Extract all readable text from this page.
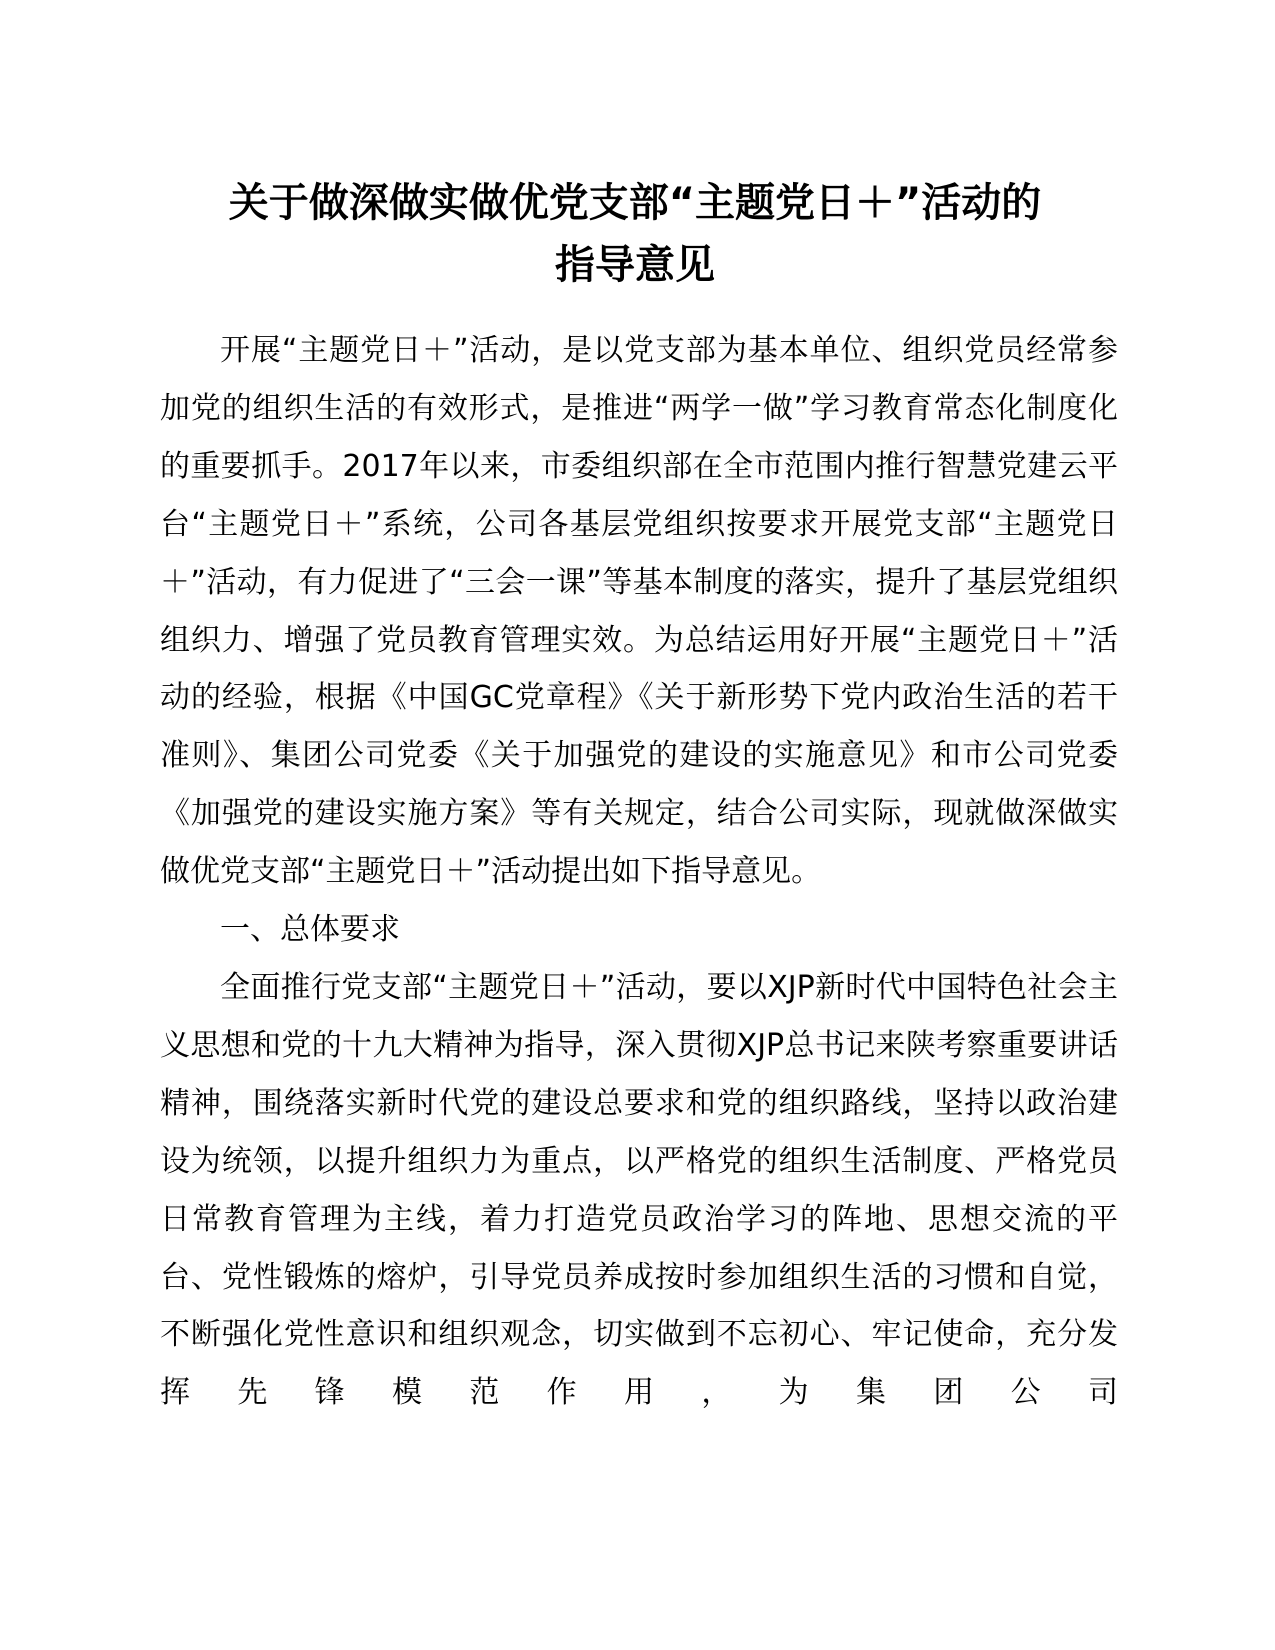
关于做深做实做优党支部“主题党日＋”活动的
指导意见

开展“主题党日＋”活动，是以党支部为基本单位、组织党员经常参加党的组织生活的有效形式，是推进“两学一做”学习教育常态化制度化的重要抓手。2017年以来，市委组织部在全市范围内推行智慧党建云平台“主题党日＋”系统，公司各基层党组织按要求开展党支部“主题党日＋”活动，有力促进了“三会一课”等基本制度的落实，提升了基层党组织组织力、增强了党员教育管理实效。为总结运用好开展“主题党日＋”活动的经验，根据《中国GC党章程》《关于新形势下党内政治生活的若干准则》、集团公司党委《关于加强党的建设的实施意见》和市公司党委《加强党的建设实施方案》等有关规定，结合公司实际，现就做深做实做优党支部“主题党日＋”活动提出如下指导意见。

一、总体要求

全面推行党支部“主题党日＋”活动，要以XJP新时代中国特色社会主义思想和党的十九大精神为指导，深入贯彻XJP总书记来陕考察重要讲话精神，围绕落实新时代党的建设总要求和党的组织路线，坚持以政治建设为统领，以提升组织力为重点，以严格党的组织生活制度、严格党员日常教育管理为主线，着力打造党员政治学习的阵地、思想交流的平台、党性锻炼的熔炉，引导党员养成按时参加组织生活的习惯和自觉，不断强化党性意识和组织观念，切实做到不忘初心、牢记使命，充分发挥先锋模范作用，为集团公司
